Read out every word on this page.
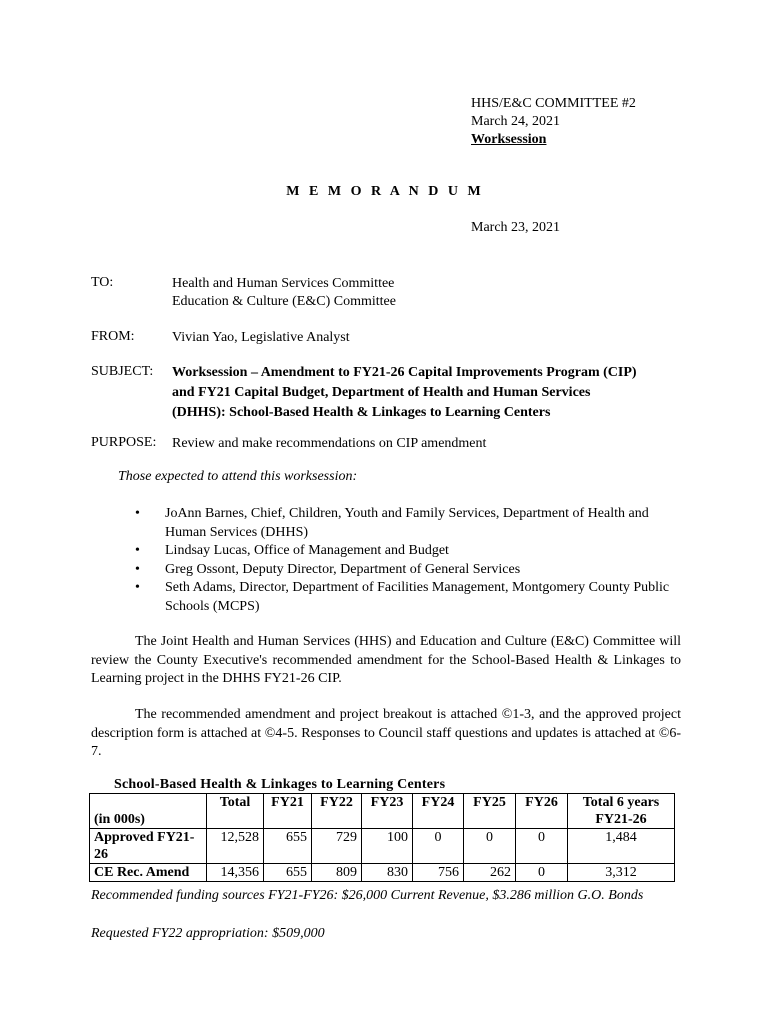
HHS/E&C COMMITTEE #2
March 24, 2021
Worksession
M E M O R A N D U M
March 23, 2021
TO:	Health and Human Services Committee
Education & Culture (E&C) Committee
FROM:	Vivian Yao, Legislative Analyst
SUBJECT: Worksession – Amendment to FY21-26 Capital Improvements Program (CIP)
and FY21 Capital Budget, Department of Health and Human Services
(DHHS): School-Based Health & Linkages to Learning Centers
PURPOSE: Review and make recommendations on CIP amendment
Those expected to attend this worksession:
• JoAnn Barnes, Chief, Children, Youth and Family Services, Department of Health and Human Services (DHHS)
• Lindsay Lucas, Office of Management and Budget
• Greg Ossont, Deputy Director, Department of General Services
• Seth Adams, Director, Department of Facilities Management, Montgomery County Public Schools (MCPS)
The Joint Health and Human Services (HHS) and Education and Culture (E&C) Committee will review the County Executive's recommended amendment for the School-Based Health & Linkages to Learning project in the DHHS FY21-26 CIP.
The recommended amendment and project breakout is attached ©1-3, and the approved project description form is attached at ©4-5. Responses to Council staff questions and updates is attached at ©6-7.
School-Based Health & Linkages to Learning Centers

(in 000s)	Total	FY21	FY22	FY23	FY24	FY25	FY26	Total 6 years FY21-26
Approved FY21-26	12,528	655	729	100	0	0	0	1,484
CE Rec. Amend	14,356	655	809	830	756	262	0	3,312
Recommended funding sources FY21-FY26: $26,000 Current Revenue, $3.286 million G.O. Bonds
Requested FY22 appropriation: $509,000
